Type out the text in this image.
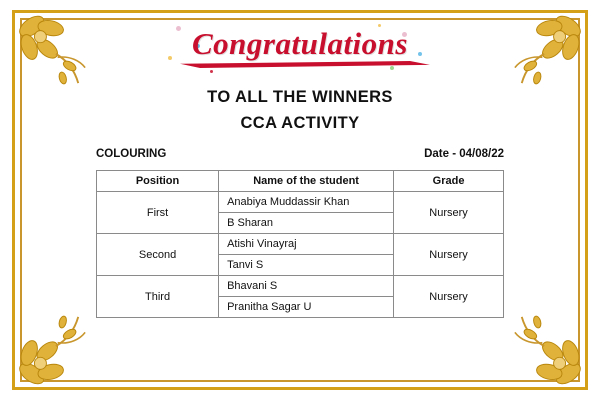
Congratulations
TO ALL THE WINNERS
CCA ACTIVITY
COLOURING	Date - 04/08/22
Position	Name of the student	Grade
First	Anabiya Muddassir Khan	Nursery
	B Sharan	
Second	Atishi Vinayraj	Nursery
	Tanvi S	
Third	Bhavani S	Nursery
	Pranitha Sagar U	
